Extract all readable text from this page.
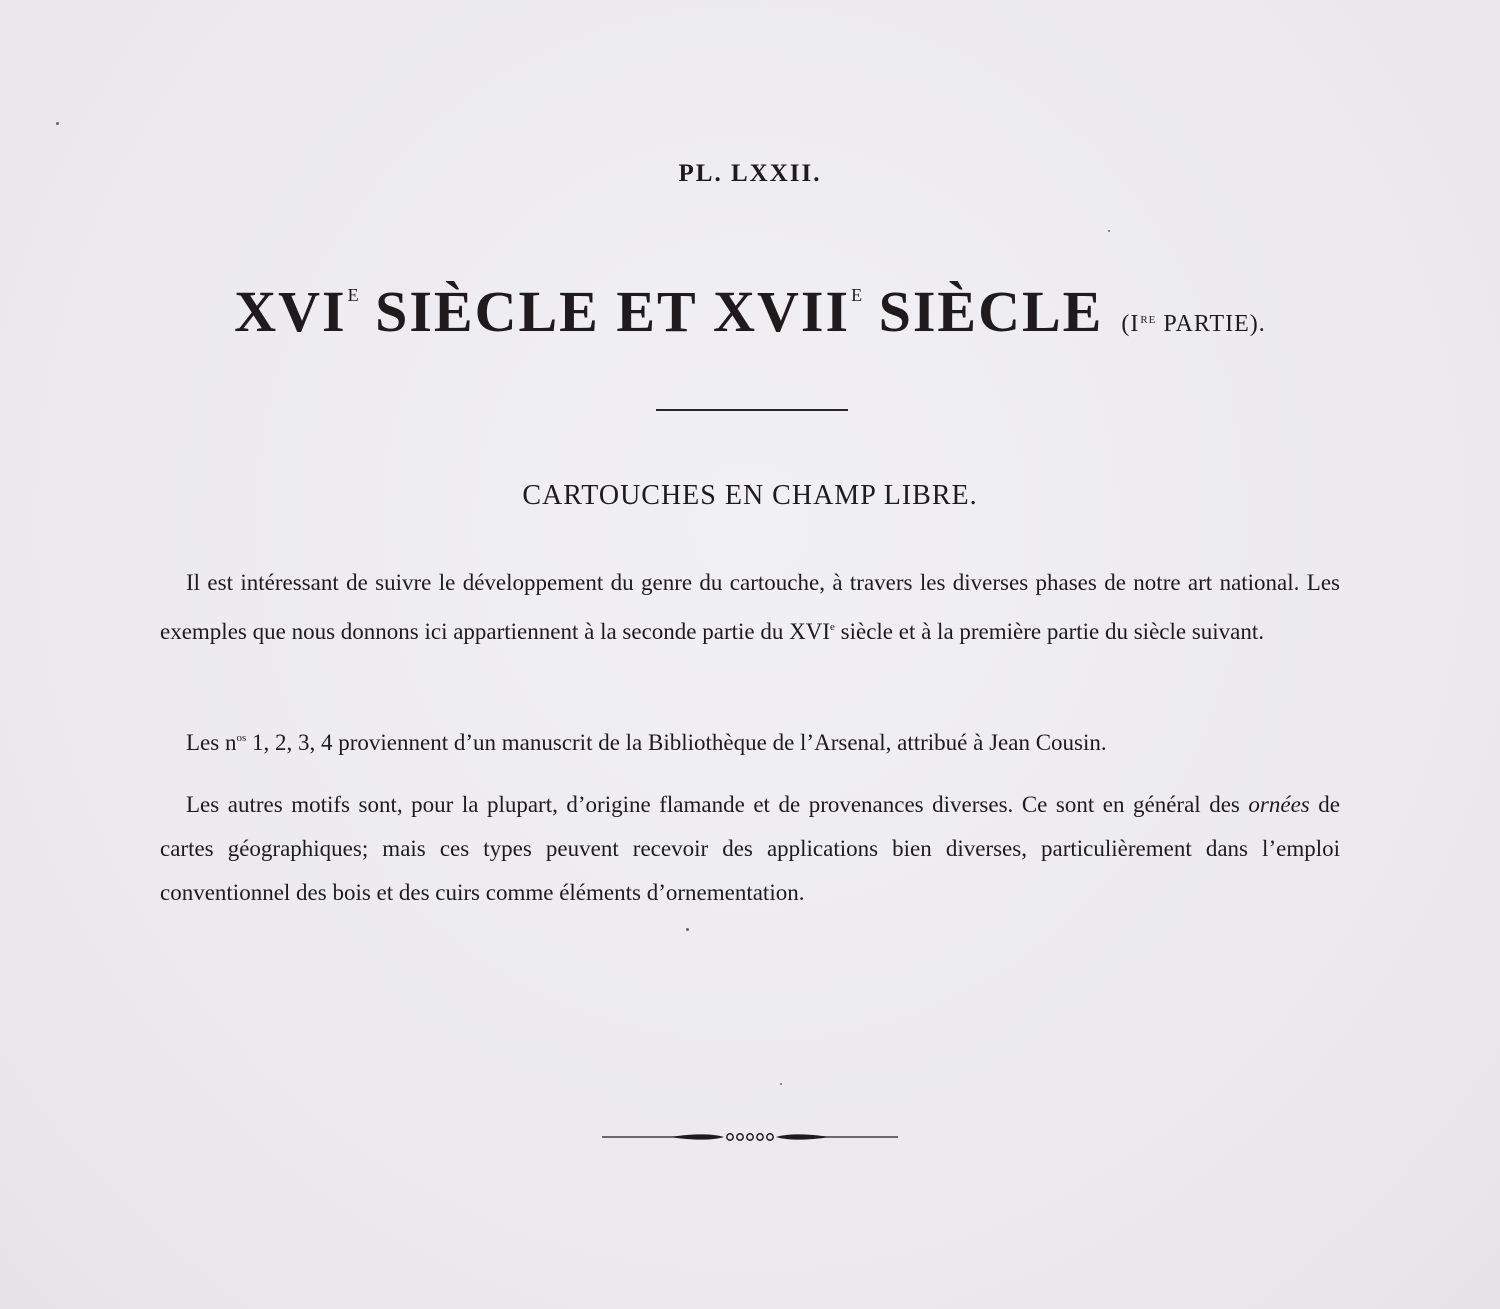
PL. LXXII.
$XVI^E$ SIÈCLE ET $XVII^E$ SIÈCLE (IRE PARTIE).
CARTOUCHES EN CHAMP LIBRE.

Il est intéressant de suivre le développement du genre du cartouche, à travers les diverses phases de notre art national. Les exemples que nous donnons ici appartiennent à la seconde partie du XVIe siècle et à la première partie du siècle suivant.

Les $n^{os}$ 1, 2, 3, 4 proviennent d’un manuscrit de la Bibliothèque de l’Arsenal, attribué à Jean Cousin.

Les autres motifs sont, pour la plupart, d’origine flamande et de provenances diverses. Ce sont en général des ornées de cartes géographiques; mais ces types peuvent recevoir des applications bien diverses, particulièrement dans l’emploi conventionnel des bois et des cuirs comme éléments d’ornementation.
